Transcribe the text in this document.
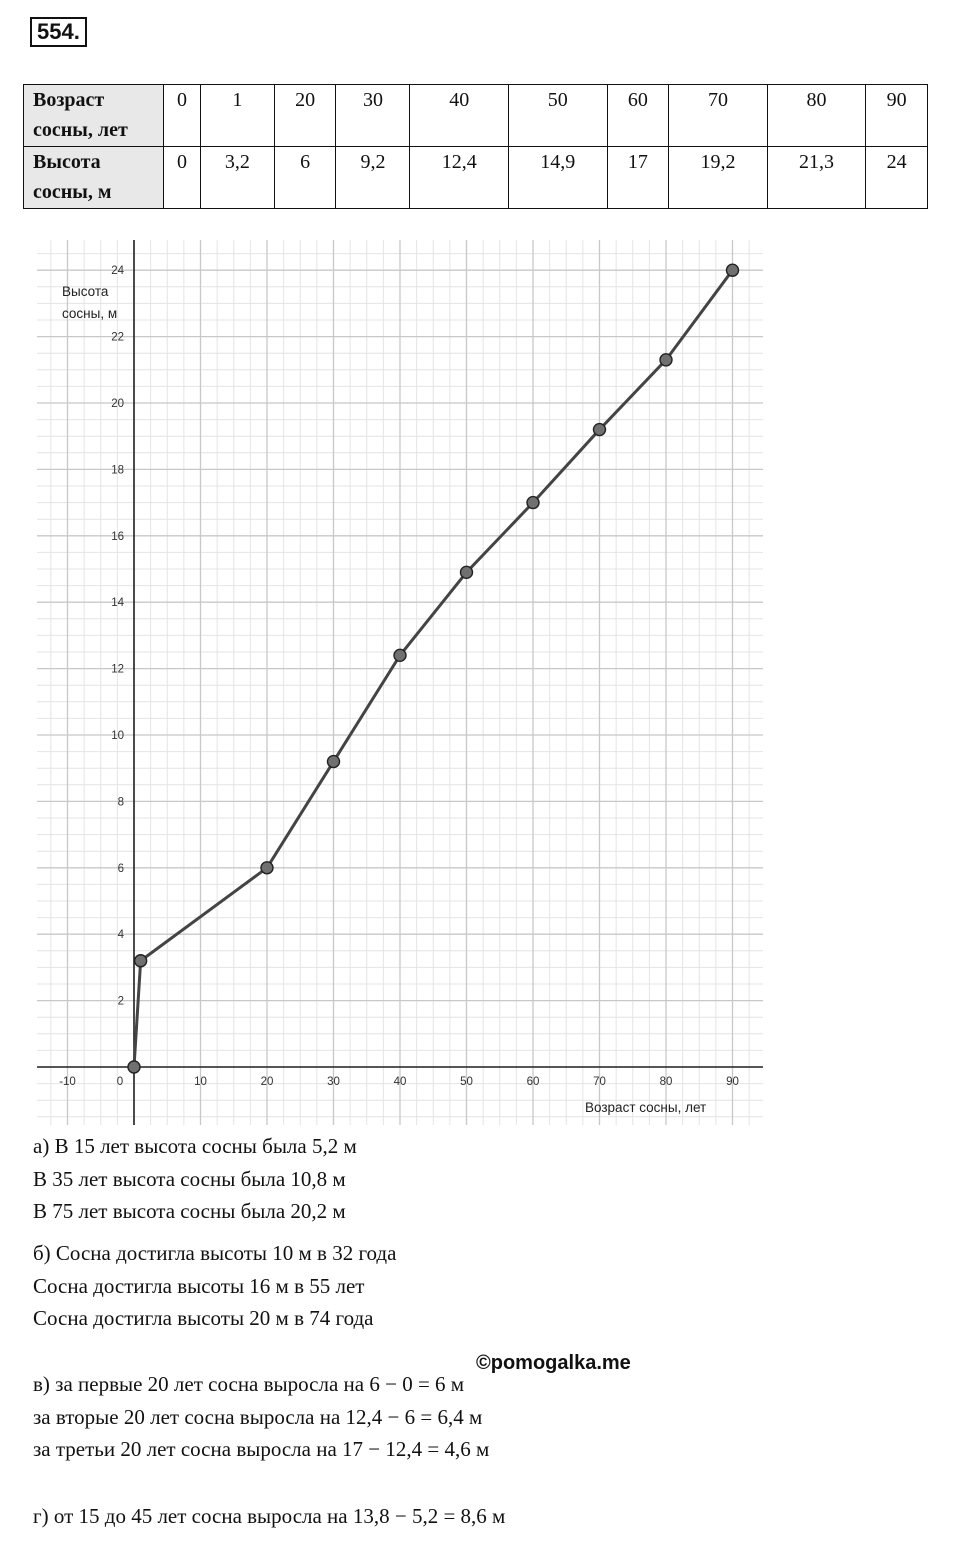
554.
Возраст
сосны, лет	0	1	20	30	40	50	60	70	80	90
Высота
сосны, м	0	3,2	6	9,2	12,4	14,9	17	19,2	21,3	24
-10	0	10	20	30	40	50	60	70	80	90
2
4
6
8
10
12
14
16
18
20
22
24
Высота
сосны, м
Возраст сосны, лет

а) В 15 лет высота сосны была 5,2 м

В 35 лет высота сосны была 10,8 м

В 75 лет высота сосны была 20,2 м

б) Сосна достигла высоты 10 м в 32 года

Сосна достигла высоты 16 м в 55 лет

Сосна достигла высоты 20 м в 74 года

©pomogalka.me

в) за первые 20 лет сосна выросла на 6 − 0 = 6 м

за вторые 20 лет сосна выросла на 12,4 − 6 = 6,4 м

за третьи 20 лет сосна выросла на 17 − 12,4 = 4,6 м

г) от 15 до 45 лет сосна выросла на 13,8 − 5,2 = 8,6 м
